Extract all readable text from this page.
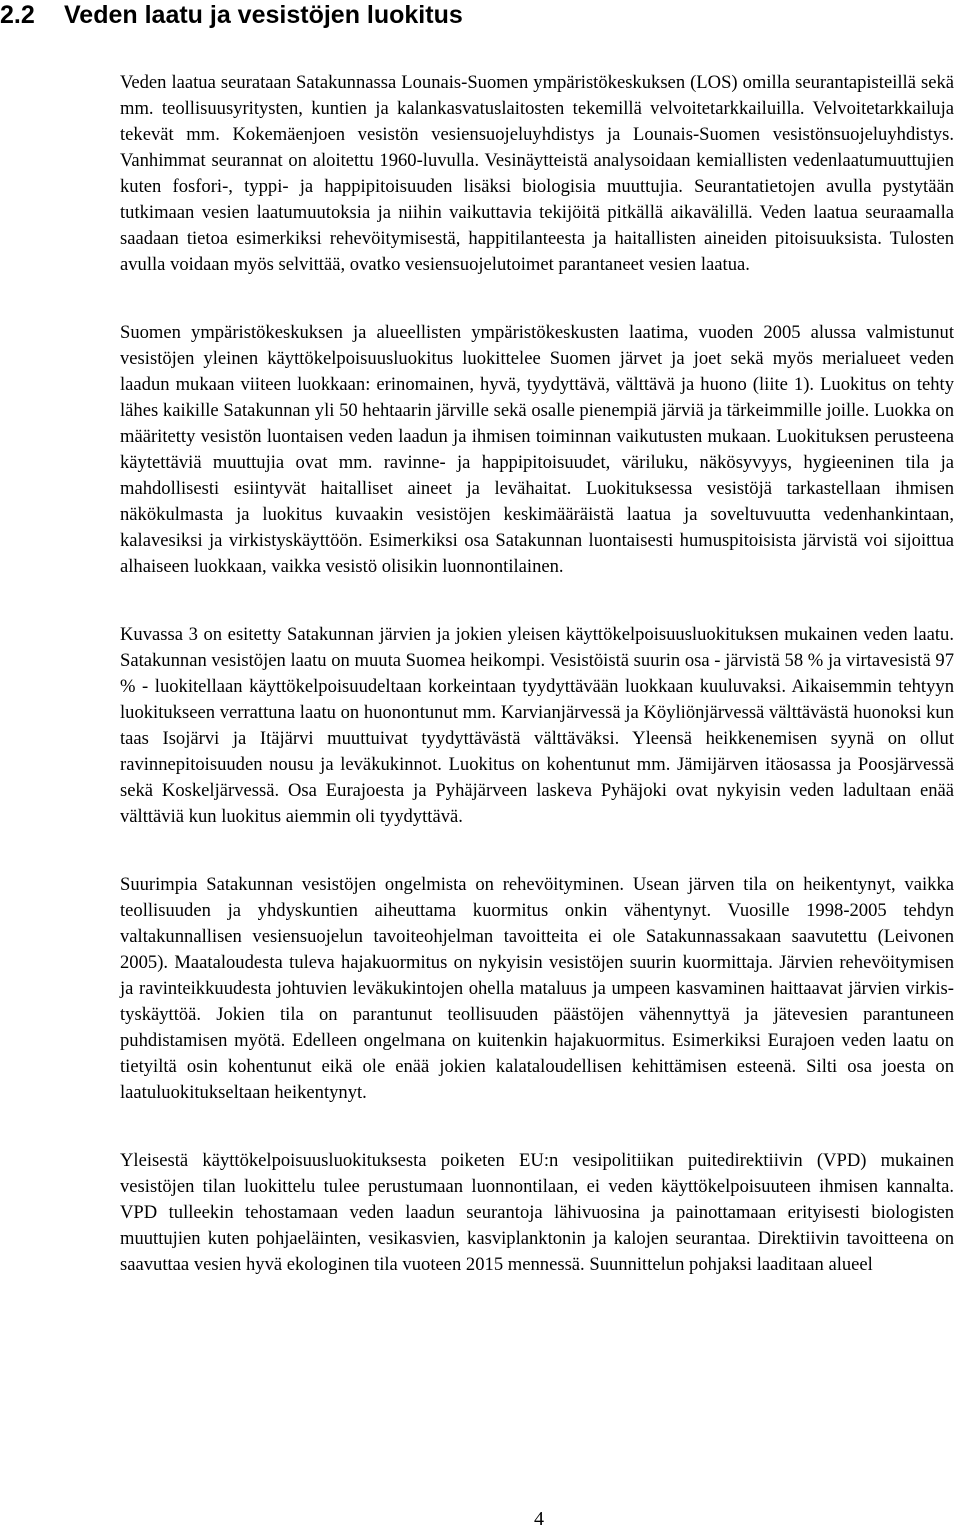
2.2 Veden laatu ja vesistöjen luokitus

Veden laatua seurataan Satakunnassa Lounais-Suomen ympäristökeskuksen (LOS) omilla seurantapisteillä sekä mm. teollisuusyritysten, kuntien ja kalankasvatuslaitosten tekemillä velvoitetarkkailuilla. Velvoitetarkkailuja tekevät mm. Kokemäenjoen vesistön vesiensuojeluyhdistys ja Lounais-Suomen vesistönsuojeluyhdistys. Vanhimmat seurannat on aloitettu 1960-luvulla. Vesinäytteistä analysoidaan kemiallisten vedenlaatumuuttujien kuten fosfori-, typpi- ja happipitoisuuden lisäksi biologisia muuttujia. Seurantatietojen avulla pystytään tutkimaan vesien laatumuutoksia ja niihin vaikuttavia tekijöitä pitkällä aikavälillä. Veden laatua seuraamalla saadaan tietoa esimerkiksi rehevöitymisestä, happitilanteesta ja haitallisten aineiden pitoisuuksista. Tulosten avulla voidaan myös selvittää, ovatko vesiensuojelutoimet parantaneet vesien laatua.

Suomen ympäristökeskuksen ja alueellisten ympäristökeskusten laatima, vuoden 2005 alussa valmistunut vesistöjen yleinen käyttökelpoisuusluokitus luokittelee Suomen järvet ja joet sekä myös merialueet veden laadun mukaan viiteen luokkaan: erinomainen, hyvä, tyydyttävä, välttävä ja huono (liite 1). Luokitus on tehty lähes kaikille Satakunnan yli 50 hehtaarin järville sekä osalle pienempiä järviä ja tärkeimmille joille. Luokka on määritetty vesistön luontaisen veden laadun ja ihmisen toiminnan vaikutusten mukaan. Luokituksen perusteena käytettäviä muuttujia ovat mm. ravinne- ja happipitoisuudet, väriluku, näkösyvyys, hygieeninen tila ja mahdollisesti esiintyvät haitalliset aineet ja levähaitat. Luokituksessa vesistöjä tarkastellaan ihmisen näkökulmasta ja luokitus kuvaakin vesistöjen keskimääräistä laatua ja soveltuvuutta vedenhankintaan, kalavesiksi ja virkistyskäyttöön. Esimerkiksi osa Satakunnan luontaisesti humuspitoisista järvistä voi sijoittua alhaiseen luokkaan, vaikka vesistö olisikin luonnontilainen.

Kuvassa 3 on esitetty Satakunnan järvien ja jokien yleisen käyttökelpoisuusluokituksen mukainen veden laatu. Satakunnan vesistöjen laatu on muuta Suomea heikompi. Vesistöistä suurin osa - järvistä 58 % ja virtavesistä 97 % - luokitellaan käyttökelpoisuudeltaan korkeintaan tyydyttävään luokkaan kuuluvaksi. Aikaisemmin tehtyyn luokitukseen verrattuna laatu on huonontunut mm. Karvianjärvessä ja Köyliönjärvessä välttävästä huonoksi kun taas Isojärvi ja Itäjärvi muuttuivat tyydyttävästä välttäväksi. Yleensä heikkenemisen syynä on ollut ravinnepitoisuuden nousu ja leväkukinnot. Luokitus on kohentunut mm. Jämijärven itäosassa ja Poosjärvessä sekä Koskeljärvessä. Osa Eurajoesta ja Pyhäjärveen laskeva Pyhäjoki ovat nykyisin veden ladultaan enää välttäviä kun luokitus aiemmin oli tyydyttävä.

Suurimpia Satakunnan vesistöjen ongelmista on rehevöityminen. Usean järven tila on heikentynyt, vaikka teollisuuden ja yhdyskuntien aiheuttama kuormitus onkin vähentynyt. Vuosille 1998-2005 tehdyn valtakunnallisen vesiensuojelun tavoiteohjelman tavoitteita ei ole Satakunnassakaan saavutettu (Leivonen 2005). Maataloudesta tuleva hajakuormitus on nykyisin vesistöjen suurin kuormittaja. Järvien rehevöitymisen ja ravinteikkuudesta johtuvien leväkukintojen ohella mataluus ja umpeen kasvaminen haittaavat järvien virkistyskäyttöä. Jokien tila on parantunut teollisuuden päästöjen vähennyttyä ja jätevesien parantuneen puhdistamisen myötä. Edelleen ongelmana on kuitenkin hajakuormitus. Esimerkiksi Eurajoen veden laatu on tietyiltä osin kohentunut eikä ole enää jokien kalataloudellisen kehittämisen esteenä. Silti osa joesta on laatuluokitukseltaan heikentynyt.

Yleisestä käyttökelpoisuusluokituksesta poiketen EU:n vesipolitiikan puitedirektiivin (VPD) mukainen vesistöjen tilan luokittelu tulee perustumaan luonnontilaan, ei veden käyttökelpoisuuteen ihmisen kannalta. VPD tulleekin tehostamaan veden laadun seurantoja lähivuosina ja painottamaan erityisesti biologisten muuttujien kuten pohjaeläinten, vesikasvien, kasviplanktonin ja kalojen seurantaa. Direktiivin tavoitteena on saavuttaa vesien hyvä ekologinen tila vuoteen 2015 mennessä. Suunnittelun pohjaksi laaditaan alueel

4
